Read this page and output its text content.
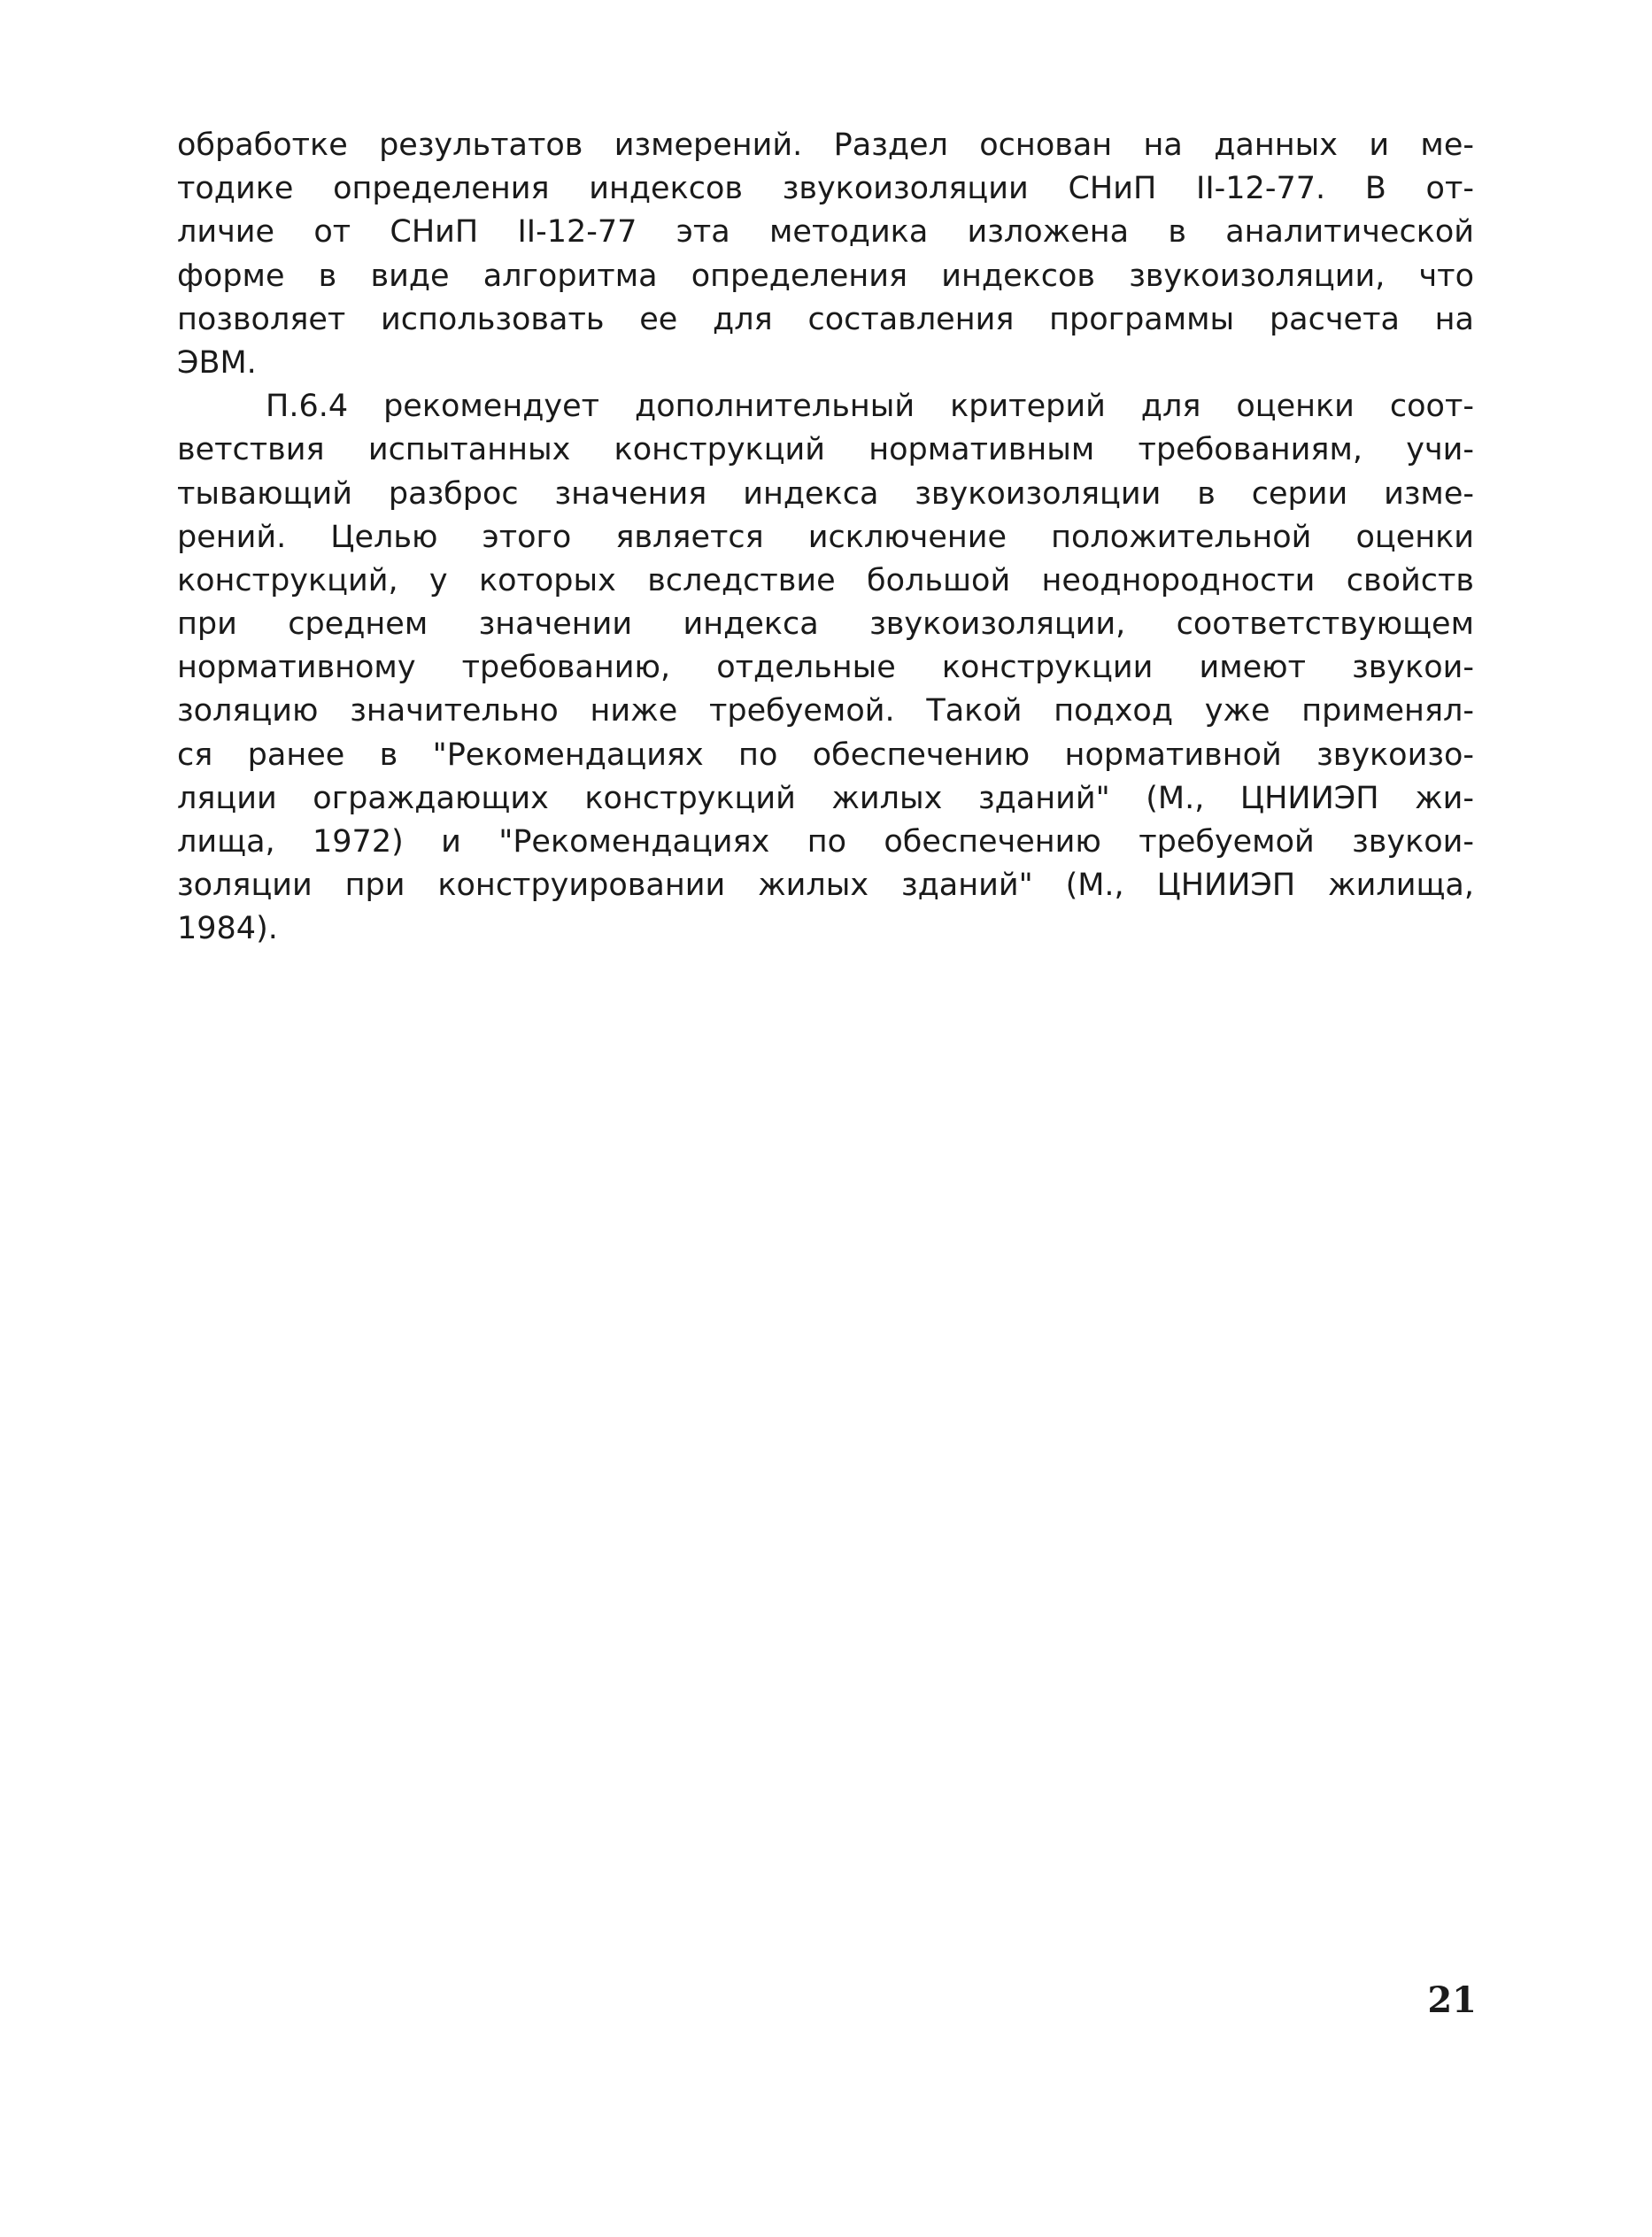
обработке результатов измерений. Раздел основан на данных и ме-
тодике определения индексов звукоизоляции СНиП II-12-77. В от-
личие от СНиП II-12-77 эта методика изложена в аналитической
форме в виде алгоритма определения индексов звукоизоляции, что
позволяет использовать ее для составления программы расчета на
ЭВМ.
П.6.4 рекомендует дополнительный критерий для оценки соот-
ветствия испытанных конструкций нормативным требованиям, учи-
тывающий разброс значения индекса звукоизоляции в серии изме-
рений. Целью этого является исключение положительной оценки
конструкций, у которых вследствие большой неоднородности свойств
при среднем значении индекса звукоизоляции, соответствующем
нормативному требованию, отдельные конструкции имеют звукои-
золяцию значительно ниже требуемой. Такой подход уже применял-
ся ранее в "Рекомендациях по обеспечению нормативной звукоизо-
ляции ограждающих конструкций жилых зданий" (М., ЦНИИЭП жи-
лища, 1972) и "Рекомендациях по обеспечению требуемой звукои-
золяции при конструировании жилых зданий" (М., ЦНИИЭП жилища,
1984).
21
